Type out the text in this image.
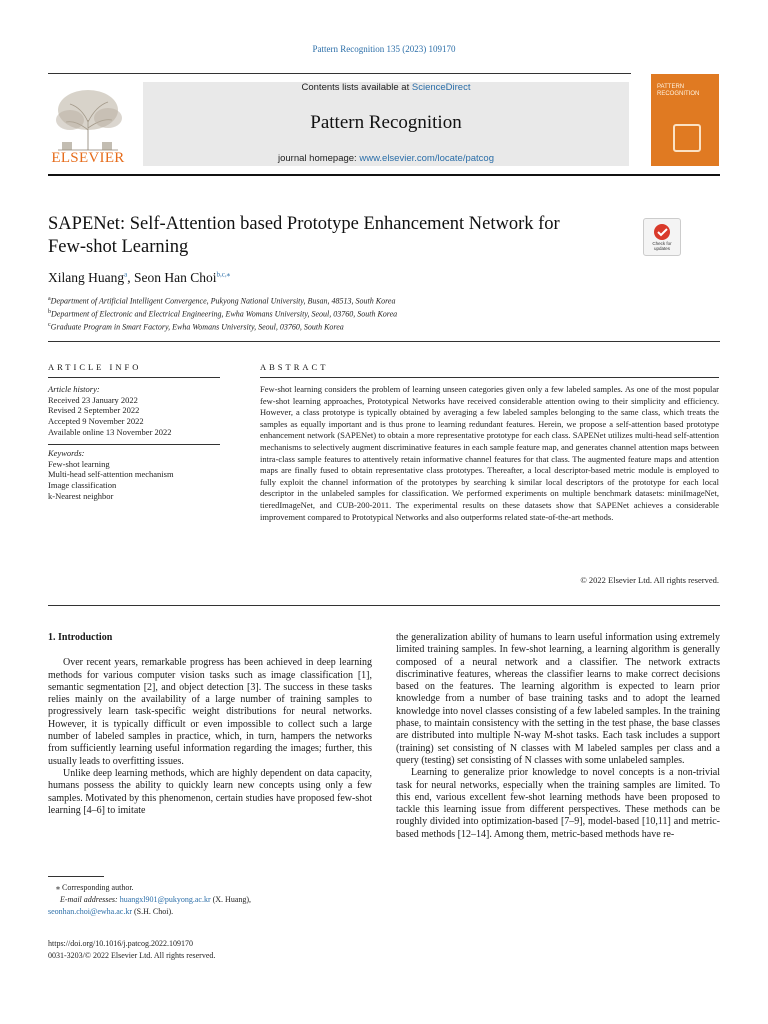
Pattern Recognition 135 (2023) 109170
ELSEVIER
Contents lists available at ScienceDirect
Pattern Recognition
journal homepage: www.elsevier.com/locate/patcog
PATTERN RECOGNITION
SAPENet: Self-Attention based Prototype Enhancement Network for
Few-shot Learning	Check for updates
Xilang Huang$^a$, Seon Han Choi$^{b,c,⁎}$
$^a$Department of Artificial Intelligent Convergence, Pukyong National University, Busan, 48513, South Korea
$^b$Department of Electronic and Electrical Engineering, Ewha Womans University, Seoul, 03760, South Korea
$^c$Graduate Program in Smart Factory, Ewha Womans University, Seoul, 03760, South Korea
ARTICLE INFO
Article history:
Received 23 January 2022
Revised 2 September 2022
Accepted 9 November 2022
Available online 13 November 2022
Keywords:
Few-shot learning
Multi-head self-attention mechanism
Image classification
k-Nearest neighbor
ABSTRACT
Few-shot learning considers the problem of learning unseen categories given only a few labeled samples. As one of the most popular few-shot learning approaches, Prototypical Networks have received considerable attention owing to their simplicity and efficiency. However, a class prototype is typically obtained by averaging a few labeled samples belonging to the same class, which treats the samples as equally important and is thus prone to learning redundant features. Herein, we propose a self-attention based prototype enhancement network (SAPENet) to obtain a more representative prototype for each class. SAPENet utilizes multi-head self-attention mechanisms to selectively augment discriminative features in each sample feature map, and generates channel attention maps between intra-class sample features to attentively retain informative channel features for that class. The augmented feature maps and attention maps are finally fused to obtain representative class prototypes. Thereafter, a local descriptor-based metric module is employed to fully exploit the channel information of the prototypes by searching k similar local descriptors of the prototype for each local descriptor in the unlabeled samples for classification. We performed experiments on multiple benchmark datasets: miniImageNet, tieredImageNet, and CUB-200-2011. The experimental results on these datasets show that SAPENet achieves a considerable improvement compared to Prototypical Networks and also outperforms related state-of-the-art methods.
© 2022 Elsevier Ltd. All rights reserved.
1. Introduction

Over recent years, remarkable progress has been achieved in deep learning methods for various computer vision tasks such as image classification [1], semantic segmentation [2], and object detection [3]. The success in these tasks relies mainly on the availability of a large number of training samples to progressively learn task-specific weight distributions for neural networks. However, it is typically difficult or even impossible to collect such a large number of labeled samples in practice, which, in turn, hampers the networks from sufficiently learning useful information regarding the images; further, this usually leads to overfitting issues.

Unlike deep learning methods, which are highly dependent on data capacity, humans possess the ability to quickly learn new concepts using only a few samples. Motivated by this phenomenon, certain studies have proposed few-shot learning [4–6] to imitate

the generalization ability of humans to learn useful information using extremely limited training samples. In few-shot learning, a learning algorithm is generally composed of a neural network and a classifier. The network extracts discriminative features, whereas the classifier learns to make correct decisions based on the features. The learning algorithm is expected to learn prior knowledge from a number of base training tasks and to adopt the learned knowledge into novel classes consisting of a few labeled samples. In the training phase, to maintain consistency with the setting in the test phase, the base classes are distributed into multiple N-way M-shot tasks. Each task includes a support (training) set consisting of N classes with M labeled samples per class and a query (testing) set consisting of N classes with some unlabeled samples.

Learning to generalize prior knowledge to novel concepts is a non-trivial task for neural networks, especially when the training samples are limited. To this end, various excellent few-shot learning methods have been proposed to tackle this learning issue from different perspectives. These methods can be roughly divided into optimization-based [7–9], model-based [10,11] and metric-based methods [12–14]. Among them, metric-based methods have re-

⁎ Corresponding author.
E-mail addresses: huangxl901@pukyong.ac.kr (X. Huang),
seonhan.choi@ewha.ac.kr (S.H. Choi).
https://doi.org/10.1016/j.patcog.2022.109170
0031-3203/© 2022 Elsevier Ltd. All rights reserved.
